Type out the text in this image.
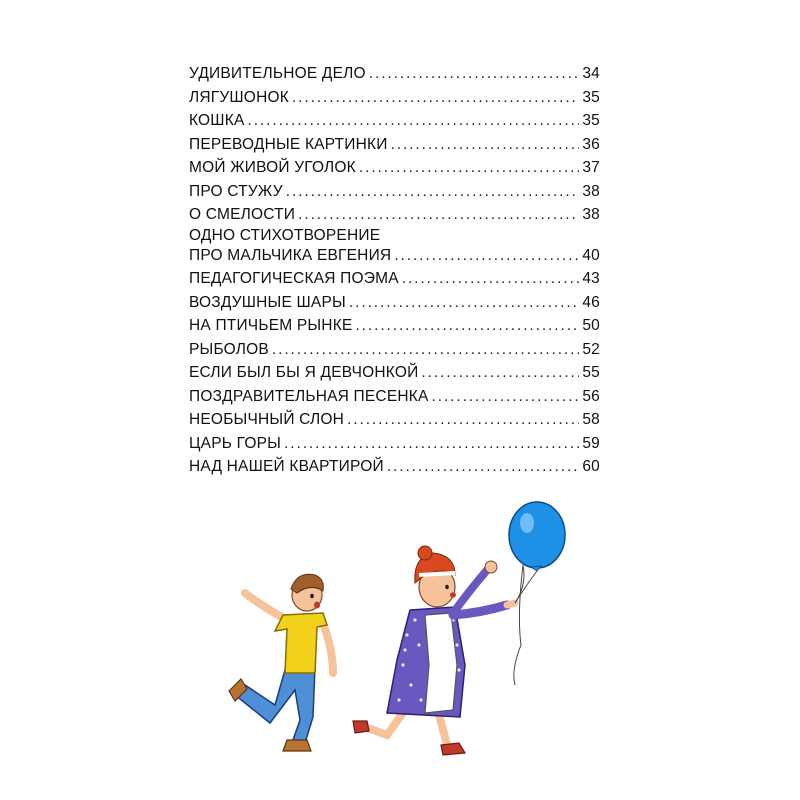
УДИВИТЕЛЬНОЕ ДЕЛО . . .	34
ЛЯГУШОНОК . . .	35
КОШКА . . .	35
ПЕРЕВОДНЫЕ КАРТИНКИ . . .	36
МОЙ ЖИВОЙ УГОЛОК . . .	37
ПРО СТУЖУ . . .	38
О СМЕЛОСТИ . . .	38
ОДНО СТИХОТВОРЕНИЕ
ПРО МАЛЬЧИКА ЕВГЕНИЯ . . .	40
ПЕДАГОГИЧЕСКАЯ ПОЭМА . . .	43
ВОЗДУШНЫЕ ШАРЫ . . .	46
НА ПТИЧЬЕМ РЫНКЕ . . .	50
РЫБОЛОВ . . .	52
ЕСЛИ БЫЛ БЫ Я ДЕВЧОНКОЙ . . .	55
ПОЗДРАВИТЕЛЬНАЯ ПЕСЕНКА . . .	56
НЕОБЫЧНЫЙ СЛОН . . .	58
ЦАРЬ ГОРЫ . . .	59
НАД НАШЕЙ КВАРТИРОЙ . . .	60
